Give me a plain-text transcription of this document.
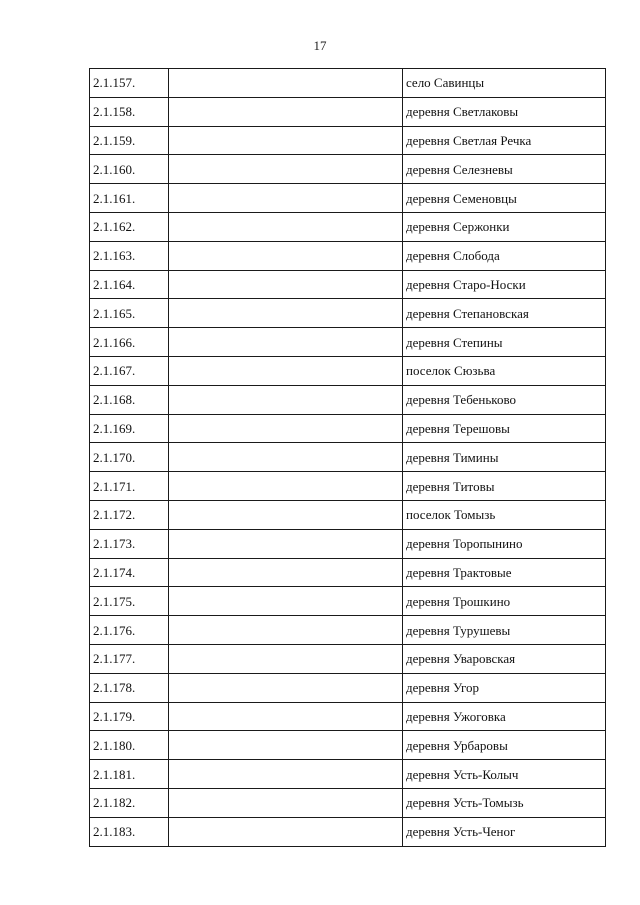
17
2.1.157.		село Савинцы
2.1.158.		деревня Светлаковы
2.1.159.		деревня Светлая Речка
2.1.160.		деревня Селезневы
2.1.161.		деревня Семеновцы
2.1.162.		деревня Сержонки
2.1.163.		деревня Слобода
2.1.164.		деревня Старо-Носки
2.1.165.		деревня Степановская
2.1.166.		деревня Степины
2.1.167.		поселок Сюзьва
2.1.168.		деревня Тебеньково
2.1.169.		деревня Терешовы
2.1.170.		деревня Тимины
2.1.171.		деревня Титовы
2.1.172.		поселок Томызь
2.1.173.		деревня Торопынино
2.1.174.		деревня Трактовые
2.1.175.		деревня Трошкино
2.1.176.		деревня Турушевы
2.1.177.		деревня Уваровская
2.1.178.		деревня Угор
2.1.179.		деревня Ужоговка
2.1.180.		деревня Урбаровы
2.1.181.		деревня Усть-Колыч
2.1.182.		деревня Усть-Томызь
2.1.183.		деревня Усть-Ченог
